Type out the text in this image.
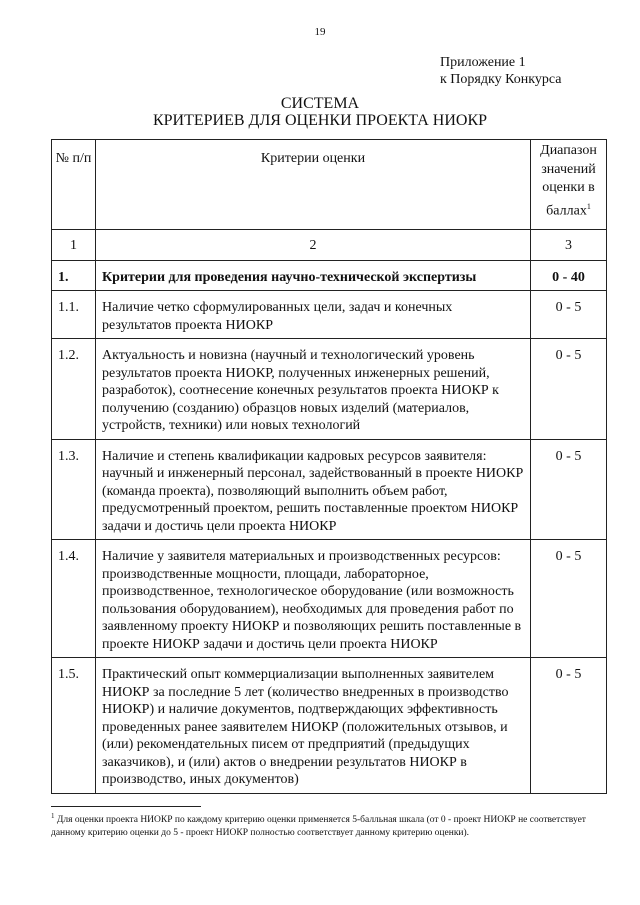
19
Приложение 1
к Порядку Конкурса
СИСТЕМА
КРИТЕРИЕВ ДЛЯ ОЦЕНКИ ПРОЕКТА НИОКР
№ п/п	Критерии оценки	Диапазон значений оценки в баллах$^1$
1	2	3
1.	Критерии для проведения научно-технической экспертизы	0 - 40
1.1.	Наличие четко сформулированных цели, задач и конечных результатов проекта НИОКР	0 - 5
1.2.	Актуальность и новизна (научный и технологический уровень результатов проекта НИОКР, полученных инженерных решений, разработок), соотнесение конечных результатов проекта НИОКР к получению (созданию) образцов новых изделий (материалов, устройств, техники) или новых технологий	0 - 5
1.3.	Наличие и степень квалификации кадровых ресурсов заявителя: научный и инженерный персонал, задействованный в проекте НИОКР (команда проекта), позволяющий выполнить объем работ, предусмотренный проектом, решить поставленные проектом НИОКР задачи и достичь цели проекта НИОКР	0 - 5
1.4.	Наличие у заявителя материальных и производственных ресурсов: производственные мощности, площади, лабораторное, производственное, технологическое оборудование (или возможность пользования оборудованием), необходимых для проведения работ по заявленному проекту НИОКР и позволяющих решить поставленные в проекте НИОКР задачи и достичь цели проекта НИОКР	0 - 5
1.5.	Практический опыт коммерциализации выполненных заявителем НИОКР за последние 5 лет (количество внедренных в производство НИОКР) и наличие документов, подтверждающих эффективность проведенных ранее заявителем НИОКР (положительных отзывов, и (или) рекомендательных писем от предприятий (предыдущих заказчиков), и (или) актов о внедрении результатов НИОКР в производство, иных документов)	0 - 5
$^1$ Для оценки проекта НИОКР по каждому критерию оценки применяется 5-балльная шкала (от 0 - проект НИОКР не соответствует данному критерию оценки до 5 - проект НИОКР полностью соответствует данному критерию оценки).
